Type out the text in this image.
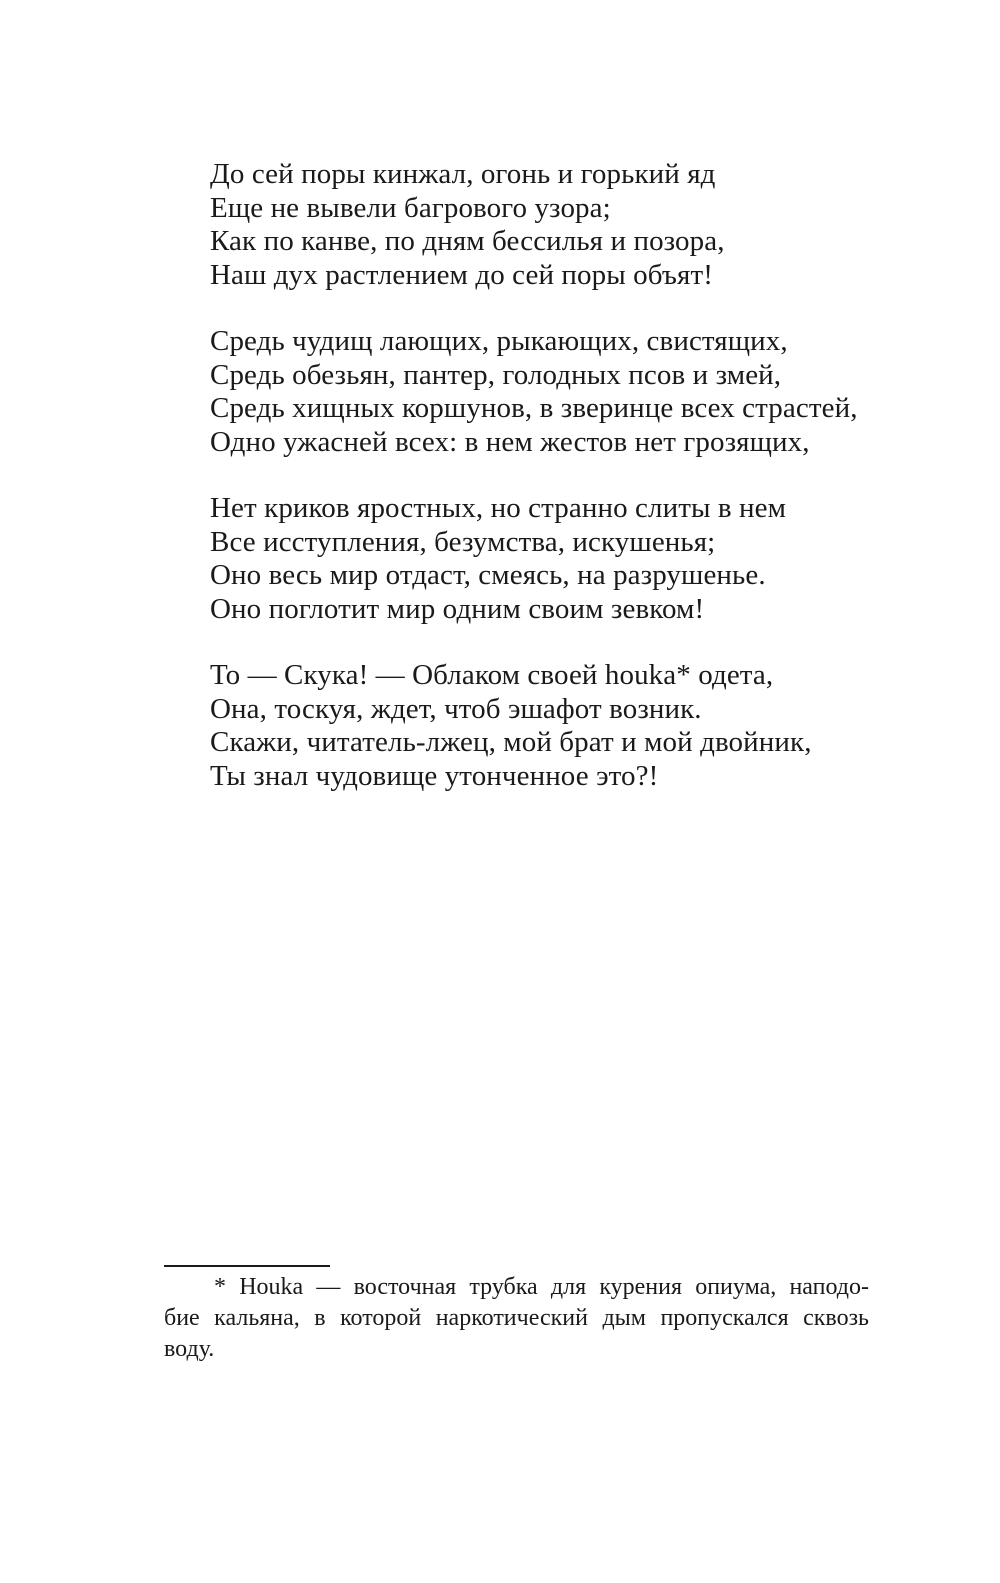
До сей поры кинжал, огонь и горький яд
Еще не вывели багрового узора;
Как по канве, по дням бессилья и позора,
Наш дух растлением до сей поры объят!
Средь чудищ лающих, рыкающих, свистящих,
Средь обезьян, пантер, голодных псов и змей,
Средь хищных коршунов, в зверинце всех страстей,
Одно ужасней всех: в нем жестов нет грозящих,
Нет криков яростных, но странно слиты в нем
Все исступления, безумства, искушенья;
Оно весь мир отдаст, смеясь, на разрушенье.
Оно поглотит мир одним своим зевком!
То — Скука! — Облаком своей houka* одета,
Она, тоскуя, ждет, чтоб эшафот возник.
Скажи, читатель-лжец, мой брат и мой двойник,
Ты знал чудовище утонченное это?!
* Houka — восточная трубка для курения опиума, наподо-
бие кальяна, в которой наркотический дым пропускался сквозь
воду.
